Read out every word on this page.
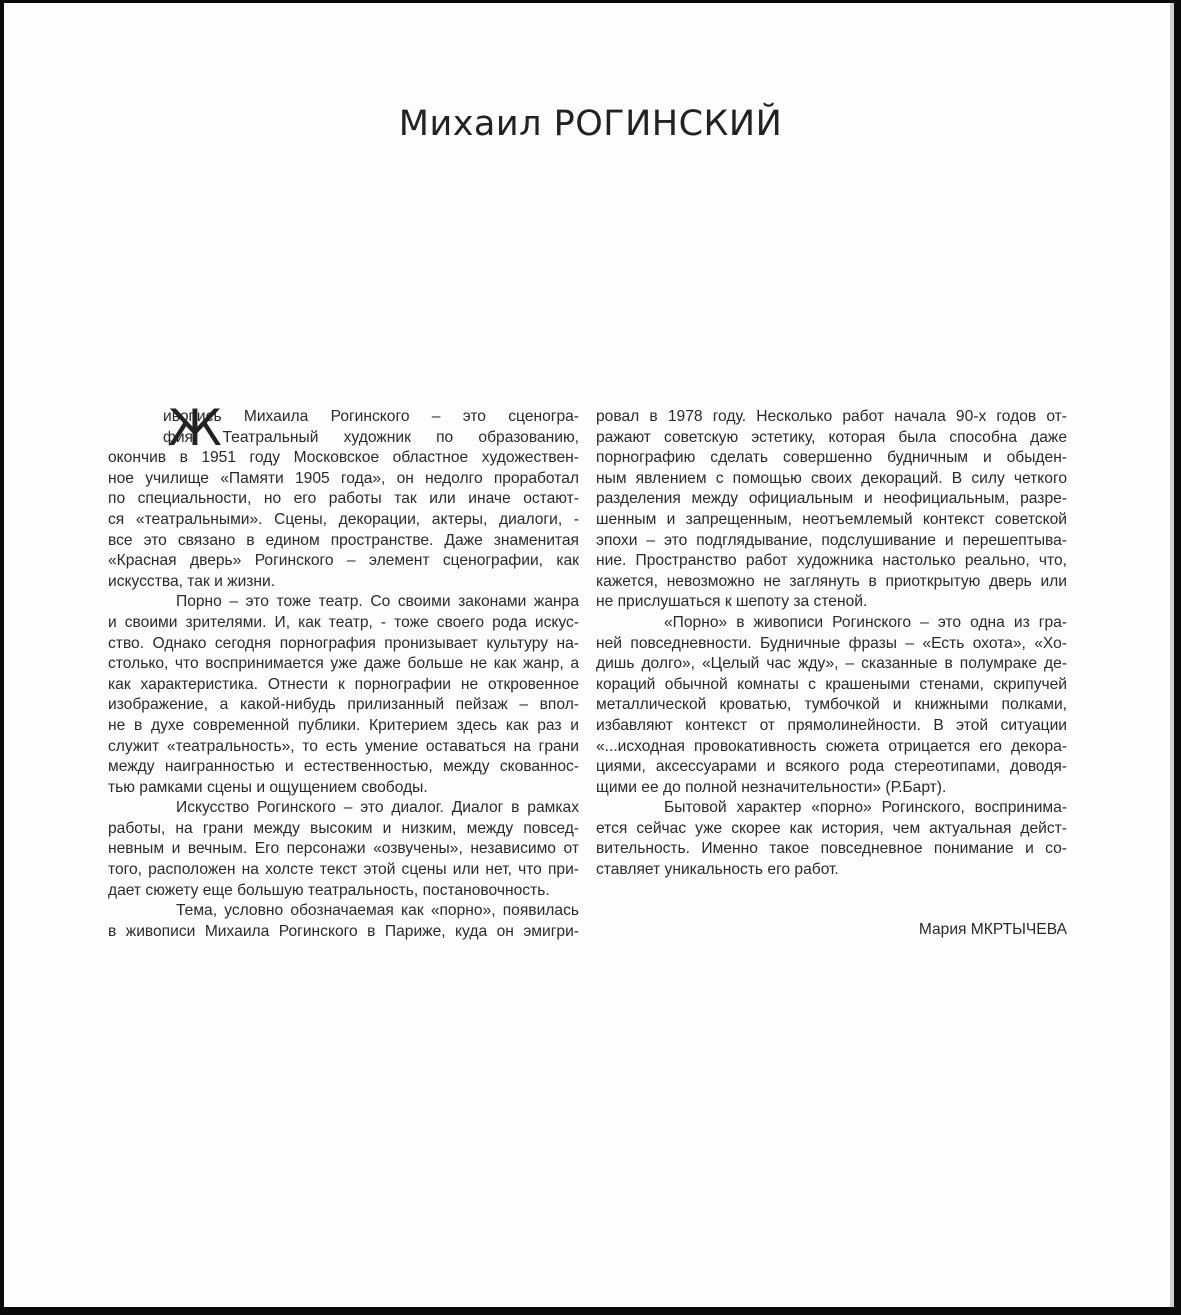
Михаил РОГИНСКИЙ
Ж
ивопись Михаила Рогинского – это сценогра-
фия. Театральный художник по образованию,
окончив в 1951 году Московское областное художествен-
ное училище «Памяти 1905 года», он недолго проработал
по специальности, но его работы так или иначе остают-
ся «театральными». Сцены, декорации, актеры, диалоги, -
все это связано в едином пространстве. Даже знаменитая
«Красная дверь» Рогинского – элемент сценографии, как
искусства, так и жизни.
Порно – это тоже театр. Со своими законами жанра
и своими зрителями. И, как театр, - тоже своего рода искус-
ство. Однако сегодня порнография пронизывает культуру на-
столько, что воспринимается уже даже больше не как жанр, а
как характеристика. Отнести к порнографии не откровенное
изображение, а какой-нибудь прилизанный пейзаж – впол-
не в духе современной публики. Критерием здесь как раз и
служит «театральность», то есть умение оставаться на грани
между наигранностью и естественностью, между скованнос-
тью рамками сцены и ощущением свободы.
Искусство Рогинского – это диалог. Диалог в рамках
работы, на грани между высоким и низким, между повсед-
невным и вечным. Его персонажи «озвучены», независимо от
того, расположен на холсте текст этой сцены или нет, что при-
дает сюжету еще большую театральность, постановочность.
Тема, условно обозначаемая как «порно», появилась
в живописи Михаила Рогинского в Париже, куда он эмигри-
ровал в 1978 году. Несколько работ начала 90-х годов от-
ражают советскую эстетику, которая была способна даже
порнографию сделать совершенно будничным и обыден-
ным явлением с помощью своих декораций. В силу четкого
разделения между официальным и неофициальным, разре-
шенным и запрещенным, неотъемлемый контекст советской
эпохи – это подглядывание, подслушивание и перешептыва-
ние. Пространство работ художника настолько реально, что,
кажется, невозможно не заглянуть в приоткрытую дверь или
не прислушаться к шепоту за стеной.
«Порно» в живописи Рогинского – это одна из гра-
ней повседневности. Будничные фразы – «Есть охота», «Хо-
дишь долго», «Целый час жду», – сказанные в полумраке де-
кораций обычной комнаты с крашеными стенами, скрипучей
металлической кроватью, тумбочкой и книжными полками,
избавляют контекст от прямолинейности. В этой ситуации
«...исходная провокативность сюжета отрицается его декора-
циями, аксессуарами и всякого рода стереотипами, доводя-
щими ее до полной незначительности» (Р.Барт).
Бытовой характер «порно» Рогинского, воспринима-
ется сейчас уже скорее как история, чем актуальная дейст-
вительность. Именно такое повседневное понимание и со-
ставляет уникальность его работ.
Мария МКРТЫЧЕВА
